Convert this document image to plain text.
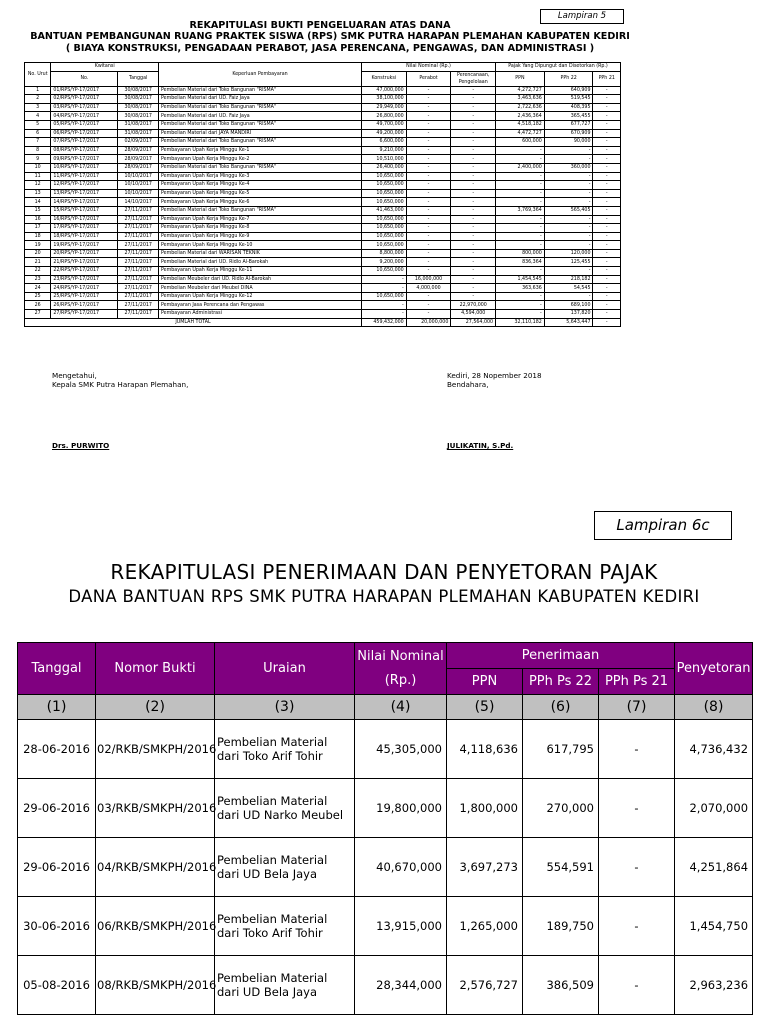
Lampiran 5
REKAPITULASI BUKTI PENGELUARAN ATAS DANA
BANTUAN PEMBANGUNAN RUANG PRAKTEK SISWA (RPS) SMK PUTRA HARAPAN PLEMAHAN KABUPATEN KEDIRI
( BIAYA KONSTRUKSI, PENGADAAN PERABOT, JASA PERENCANA, PENGAWAS, DAN ADMINISTRASI )
No. Urut	Kwitansi		Keperluan Pembayaran	Nilai Nominal (Rp.)			Pajak Yang Dipungut dan Disetorkan (Rp.)		
				Konstruksi	Perabot	Perencanaan, Pengelolaan			
	No.	Tanggal					PPN	PPh 22	PPh 21
1	01/RPS/YP-17/2017	30/08/2017	Pembelian Material dari Toko Bangunan "RISMA"	47,000,000	-	-	4,272,727	640,909	-
2	02/RPS/YP-17/2017	30/08/2017	Pembelian Material dari UD. Faiz Jaya	38,100,000	-	-	3,463,636	519,545	-
3	03/RPS/YP-17/2017	30/08/2017	Pembelian Material dari Toko Bangunan "RISMA"	29,949,000	-	-	2,722,636	408,395	-
4	04/RPS/YP-17/2017	30/08/2017	Pembelian Material dari UD. Faiz Jaya	26,800,000	-	-	2,436,364	365,455	-
5	05/RPS/YP-17/2017	31/08/2017	Pembelian Material dari Toko Bangunan "RISMA"	49,700,000	-	-	4,518,182	677,727	-
6	06/RPS/YP-17/2017	31/08/2017	Pembelian Material dari JAYA MANDIRI	49,200,000	-	-	4,472,727	670,909	-
7	07/RPS/YP-17/2017	02/09/2017	Pembelian Material dari Toko Bangunan "RISMA"	6,600,000	-	-	600,000	90,000	-
8	08/RPS/YP-17/2017	28/09/2017	Pembayaran Upah Kerja Minggu Ke-1	9,210,000	-	-	-	-	-
9	09/RPS/YP-17/2017	28/09/2017	Pembayaran Upah Kerja Minggu Ke-2	10,510,000	-	-	-	-	-
10	10/RPS/YP-17/2017	28/09/2017	Pembelian Material dari Toko Bangunan "RISMA"	26,400,000	-	-	2,400,000	360,000	-
11	11/RPS/YP-17/2017	10/10/2017	Pembayaran Upah Kerja Minggu Ke-3	10,650,000	-	-	-	-	-
12	12/RPS/YP-17/2017	10/10/2017	Pembayaran Upah Kerja Minggu Ke-4	10,650,000	-	-	-	-	-
13	13/RPS/YP-17/2017	10/10/2017	Pembayaran Upah Kerja Minggu Ke-5	10,650,000	-	-	-	-	-
14	14/RPS/YP-17/2017	14/10/2017	Pembayaran Upah Kerja Minggu Ke-6	10,650,000	-	-	-	-	-
15	15/RPS/YP-17/2017	27/11/2017	Pembelian Material dari Toko Bangunan "RISMA"	41,463,000	-	-	3,769,364	565,405	-
16	16/RPS/YP-17/2017	27/11/2017	Pembayaran Upah Kerja Minggu Ke-7	10,650,000	-	-	-	-	-
17	17/RPS/YP-17/2017	27/11/2017	Pembayaran Upah Kerja Minggu Ke-8	10,650,000	-	-	-	-	-
18	18/RPS/YP-17/2017	27/11/2017	Pembayaran Upah Kerja Minggu Ke-9	10,650,000	-	-	-	-	-
19	19/RPS/YP-17/2017	27/11/2017	Pembayaran Upah Kerja Minggu Ke-10	10,650,000	-	-	-	-	-
20	20/RPS/YP-17/2017	27/11/2017	Pembelian Material dari WARISAN TEKNIK	8,800,000	-	-	800,000	120,000	-
21	21/RPS/YP-17/2017	27/11/2017	Pembelian Material dari UD. Ridlo Al-Barokah	9,200,000	-	-	836,364	125,455	-
22	22/RPS/YP-17/2017	27/11/2017	Pembayaran Upah Kerja Minggu Ke-11	10,650,000	-	-	-	-	-
23	23/RPS/YP-17/2017	27/11/2017	Pembelian Meubeler dari UD. Ridlo Al-Barokah	-	16,000,000	-	1,454,545	218,182	-
24	24/RPS/YP-17/2017	27/11/2017	Pembelian Meubeler dari Meubel DINA	-	4,000,000	-	363,636	54,545	-
25	25/RPS/YP-17/2017	27/11/2017	Pembayaran Upah Kerja Minggu Ke-12	10,650,000	-	-	-	-	-
26	26/RPS/YP-17/2017	27/11/2017	Pembayaran Jasa Perencana dan Pengawas	-	-	22,970,000	-	689,100	-
27	27/RPS/YP-17/2017	27/11/2017	Pembayaran Administrasi	-	-	4,594,000	-	137,820	-
JUMLAH TOTAL				459,432,000	20,000,000	27,564,000	32,110,182	5,643,447	-
Mengetahui,
Kepala SMK Putra Harapan Plemahan,
Drs. PURWITO
Kediri, 28 Nopember 2018
Bendahara,
JULIKATIN, S.Pd.
Lampiran 6c
REKAPITULASI PENERIMAAN DAN PENYETORAN PAJAK
DANA BANTUAN RPS SMK PUTRA HARAPAN PLEMAHAN KABUPATEN KEDIRI
Tanggal	Nomor Bukti	Uraian	Nilai Nominal (Rp.)	Penerimaan			Penyetoran
				PPN	PPh Ps 22	PPh Ps 21	
(1)	(2)	(3)	(4)	(5)	(6)	(7)	(8)
28-06-2016	02/RKB/SMKPH/2016	Pembelian Material dari Toko Arif Tohir	45,305,000	4,118,636	617,795	-	4,736,432
29-06-2016	03/RKB/SMKPH/2016	Pembelian Material dari UD Narko Meubel	19,800,000	1,800,000	270,000	-	2,070,000
29-06-2016	04/RKB/SMKPH/2016	Pembelian Material dari UD Bela Jaya	40,670,000	3,697,273	554,591	-	4,251,864
30-06-2016	06/RKB/SMKPH/2016	Pembelian Material dari Toko Arif Tohir	13,915,000	1,265,000	189,750	-	1,454,750
05-08-2016	08/RKB/SMKPH/2016	Pembelian Material dari UD Bela Jaya	28,344,000	2,576,727	386,509	-	2,963,236
